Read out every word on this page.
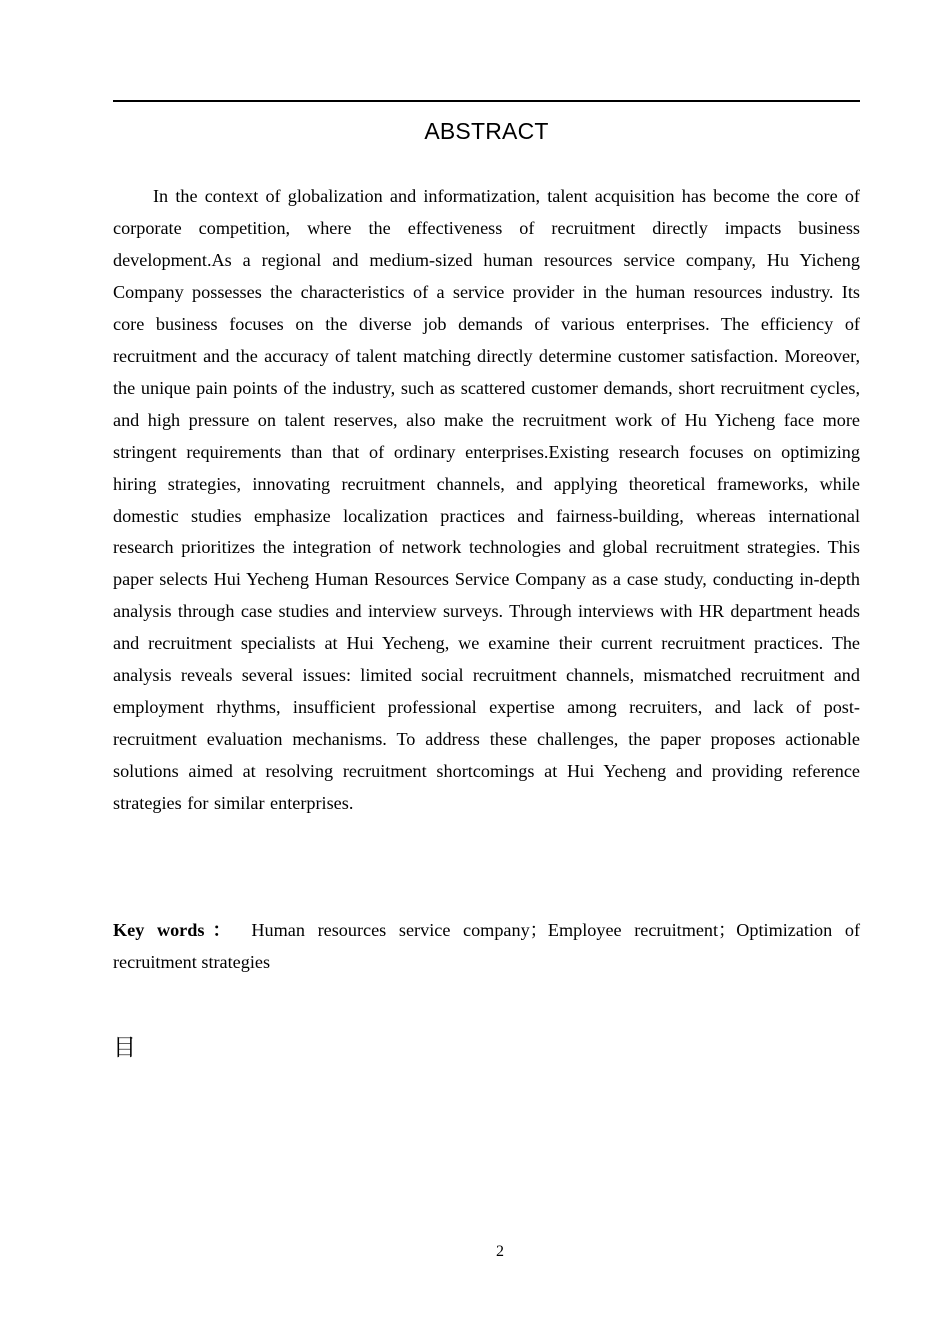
ABSTRACT

In the context of globalization and informatization, talent acquisition has become the core of corporate competition, where the effectiveness of recruitment directly impacts business development.As a regional and medium-sized human resources service company, Hu Yicheng Company possesses the characteristics of a service provider in the human resources industry. Its core business focuses on the diverse job demands of various enterprises. The efficiency of recruitment and the accuracy of talent matching directly determine customer satisfaction. Moreover, the unique pain points of the industry, such as scattered customer demands, short recruitment cycles, and high pressure on talent reserves, also make the recruitment work of Hu Yicheng face more stringent requirements than that of ordinary enterprises.Existing research focuses on optimizing hiring strategies, innovating recruitment channels, and applying theoretical frameworks, while domestic studies emphasize localization practices and fairness-building, whereas international research prioritizes the integration of network technologies and global recruitment strategies. This paper selects Hui Yecheng Human Resources Service Company as a case study, conducting in-depth analysis through case studies and interview surveys. Through interviews with HR department heads and recruitment specialists at Hui Yecheng, we examine their current recruitment practices. The analysis reveals several issues: limited social recruitment channels, mismatched recruitment and employment rhythms, insufficient professional expertise among recruiters, and lack of post-recruitment evaluation mechanisms. To address these challenges, the paper proposes actionable solutions aimed at resolving recruitment shortcomings at Hui Yecheng and providing reference strategies for similar enterprises.

Key words： Human resources service company；Employee recruitment；Optimization of recruitment strategies

目
2
